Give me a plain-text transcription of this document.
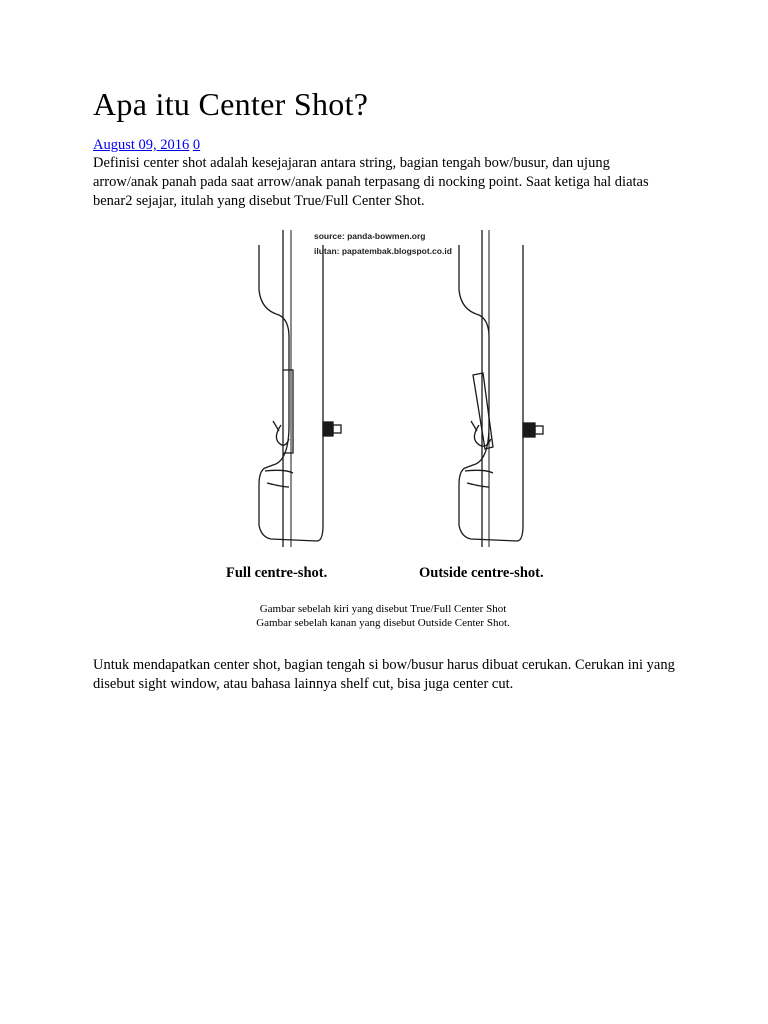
Apa itu Center Shot?
August 09, 2016 0

Definisi center shot adalah kesejajaran antara string, bagian tengah bow/busur, dan ujung arrow/anak panah pada saat arrow/anak panah terpasang di nocking point. Saat ketiga hal diatas benar2 sejajar, itulah yang disebut True/Full Center Shot.

source: panda-bowmen.org
ilutan: papatembak.blogspot.co.id
Full centre-shot.	Outside centre-shot.
Gambar sebelah kiri yang disebut True/Full Center Shot
Gambar sebelah kanan yang disebut Outside Center Shot.

Untuk mendapatkan center shot, bagian tengah si bow/busur harus dibuat cerukan. Cerukan ini yang disebut sight window, atau bahasa lainnya shelf cut, bisa juga center cut.
